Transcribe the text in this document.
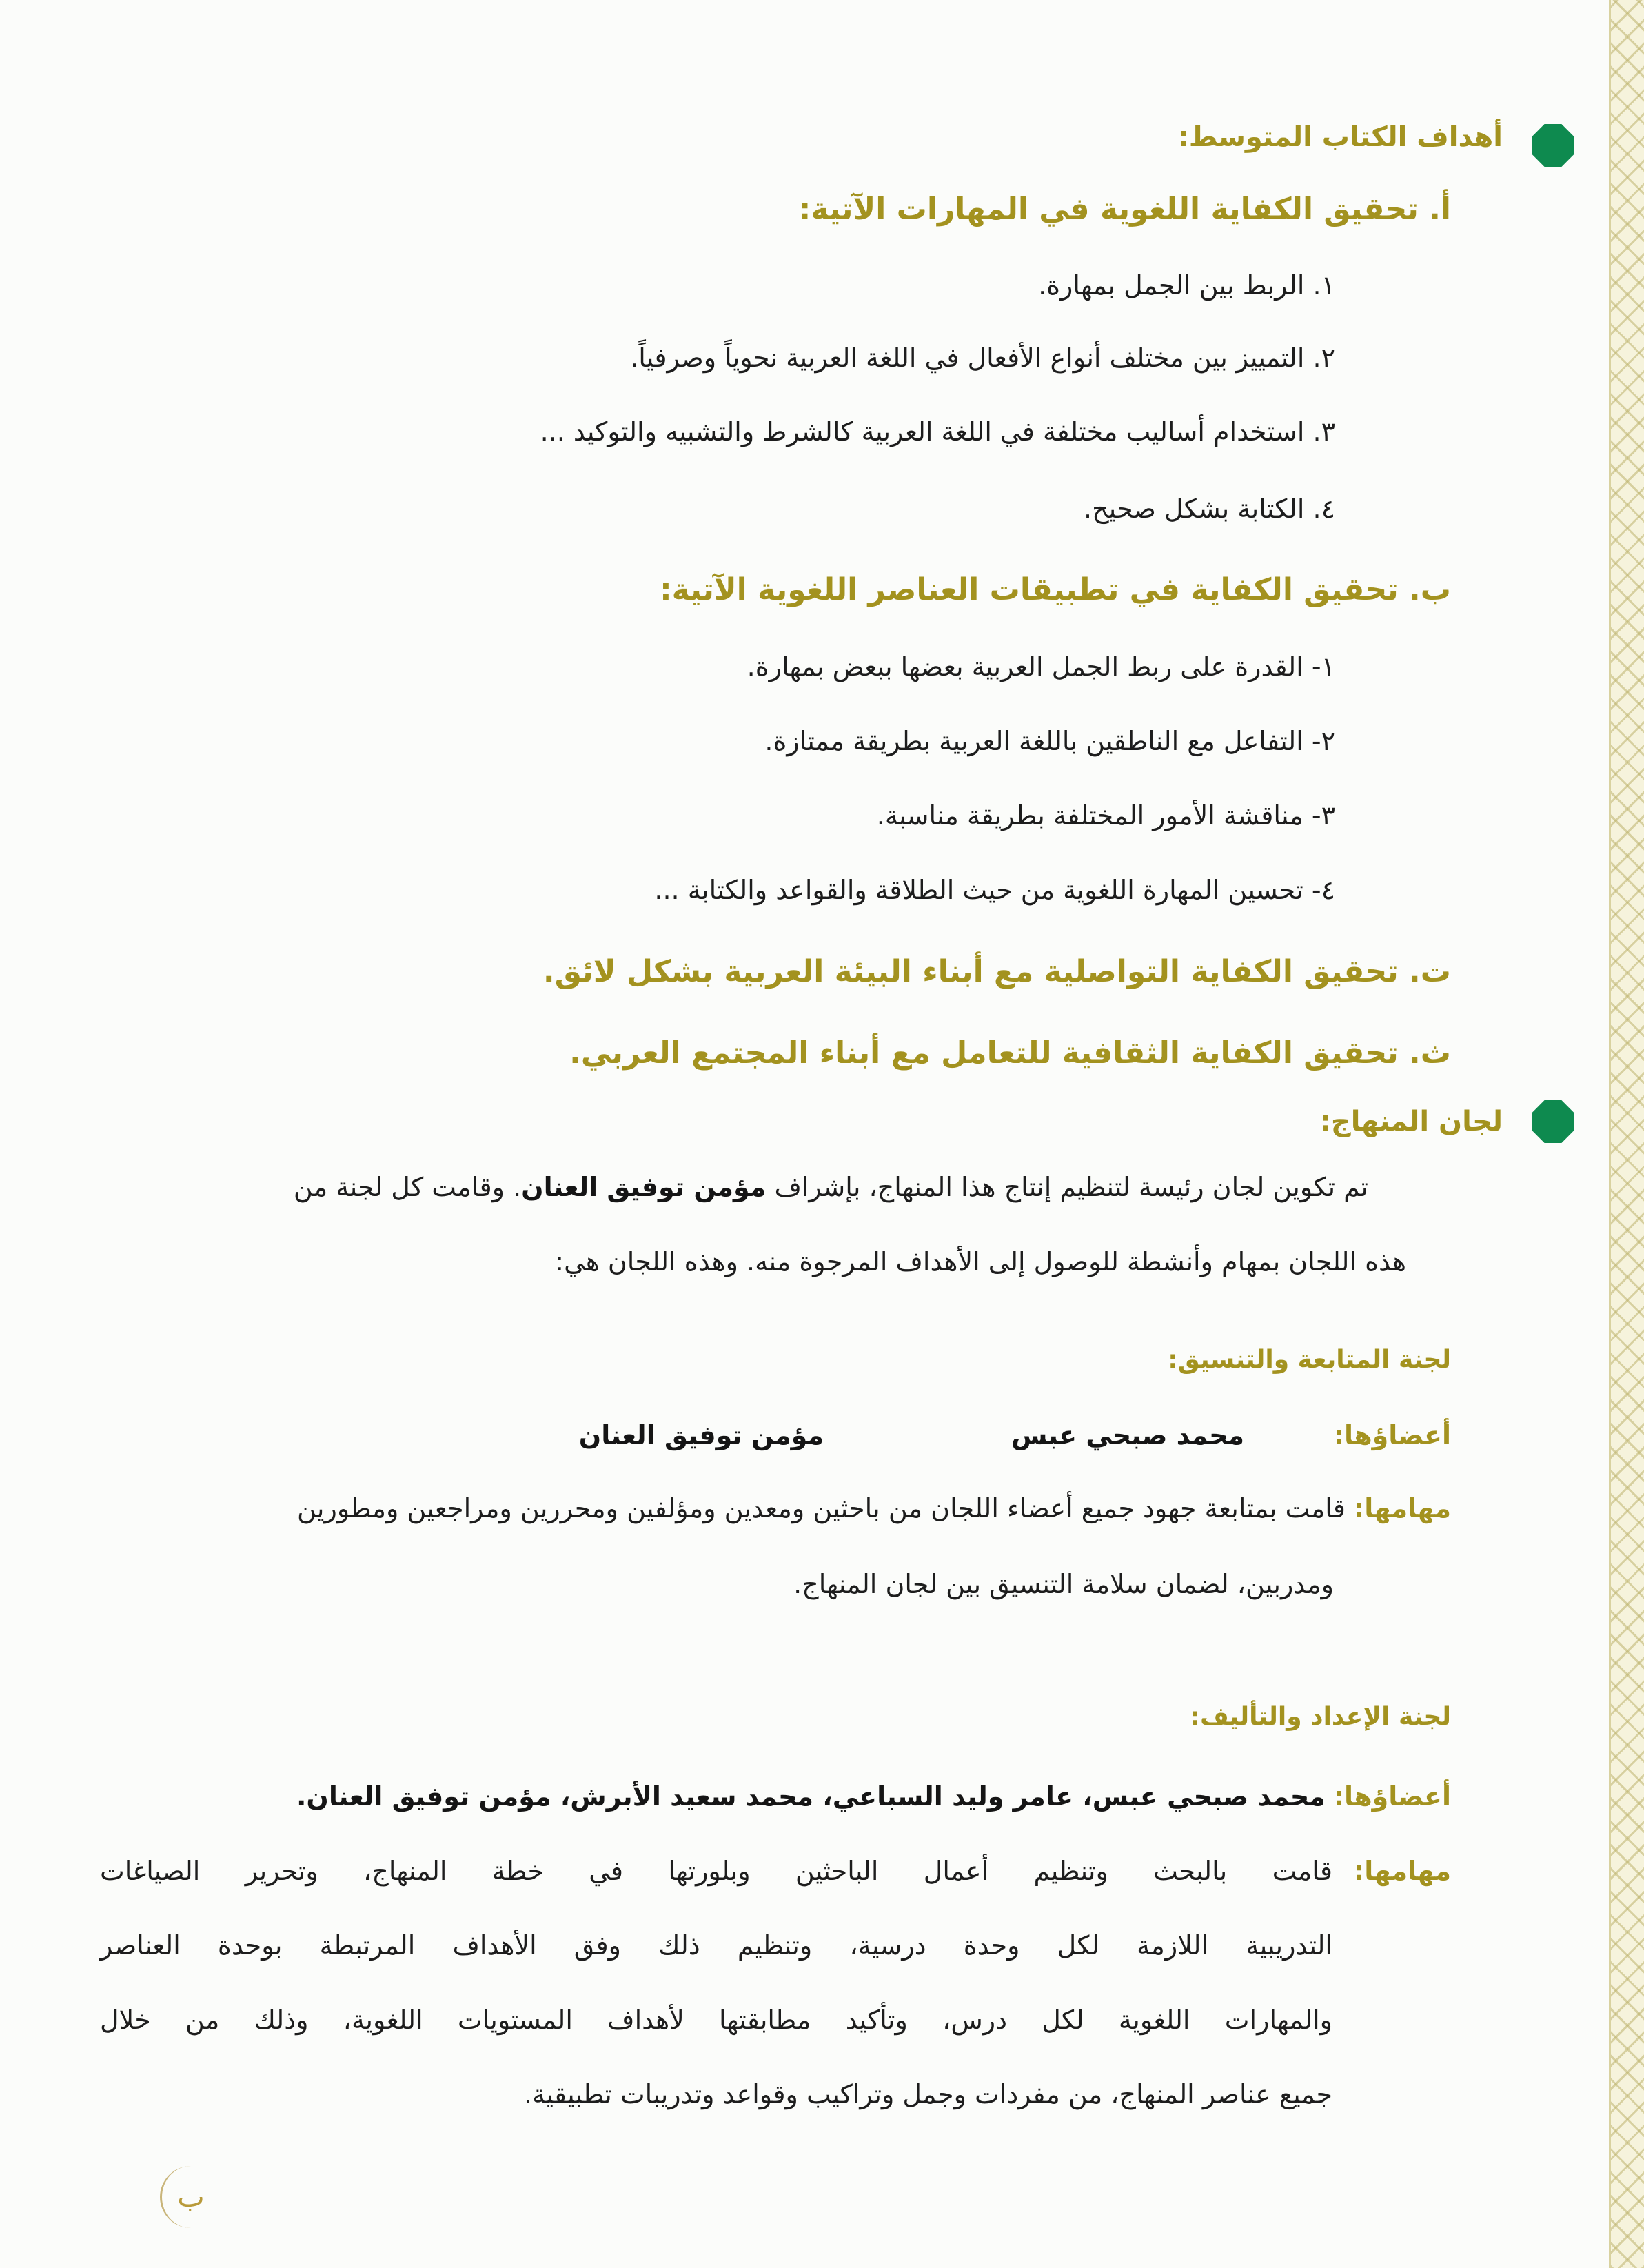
أهداف الكتاب المتوسط:
أ. تحقيق الكفاية اللغوية في المهارات الآتية:
١. الربط بين الجمل بمهارة.
٢. التمييز بين مختلف أنواع الأفعال في اللغة العربية نحوياً وصرفياً.
٣. استخدام أساليب مختلفة في اللغة العربية كالشرط والتشبيه والتوكيد ...
٤. الكتابة بشكل صحيح.
ب. تحقيق الكفاية في تطبيقات العناصر اللغوية الآتية:
١- القدرة على ربط الجمل العربية بعضها ببعض بمهارة.
٢- التفاعل مع الناطقين باللغة العربية بطريقة ممتازة.
٣- مناقشة الأمور المختلفة بطريقة مناسبة.
٤- تحسين المهارة اللغوية من حيث الطلاقة والقواعد والكتابة ...
ت. تحقيق الكفاية التواصلية مع أبناء البيئة العربية بشكل لائق.
ث. تحقيق الكفاية الثقافية للتعامل مع أبناء المجتمع العربي.
لجان المنهاج:
تم تكوين لجان رئيسة لتنظيم إنتاج هذا المنهاج، بإشراف مؤمن توفيق العنان. وقامت كل لجنة من
هذه اللجان بمهام وأنشطة للوصول إلى الأهداف المرجوة منه. وهذه اللجان هي:
لجنة المتابعة والتنسيق:
أعضاؤها:
محمد صبحي عبس
مؤمن توفيق العنان
مهامها: قامت بمتابعة جهود جميع أعضاء اللجان من باحثين ومعدين ومؤلفين ومحررين ومراجعين ومطورين
ومدربين، لضمان سلامة التنسيق بين لجان المنهاج.
لجنة الإعداد والتأليف:
أعضاؤها: محمد صبحي عبس، عامر وليد السباعي، محمد سعيد الأبرش، مؤمن توفيق العنان.
مهامها:
قامت بالبحث وتنظيم أعمال الباحثين وبلورتها في خطة المنهاج، وتحرير الصياغات
التدريبية اللازمة لكل وحدة درسية، وتنظيم ذلك وفق الأهداف المرتبطة بوحدة العناصر
والمهارات اللغوية لكل درس، وتأكيد مطابقتها لأهداف المستويات اللغوية، وذلك من خلال
جميع عناصر المنهاج، من مفردات وجمل وتراكيب وقواعد وتدريبات تطبيقية.
ب
